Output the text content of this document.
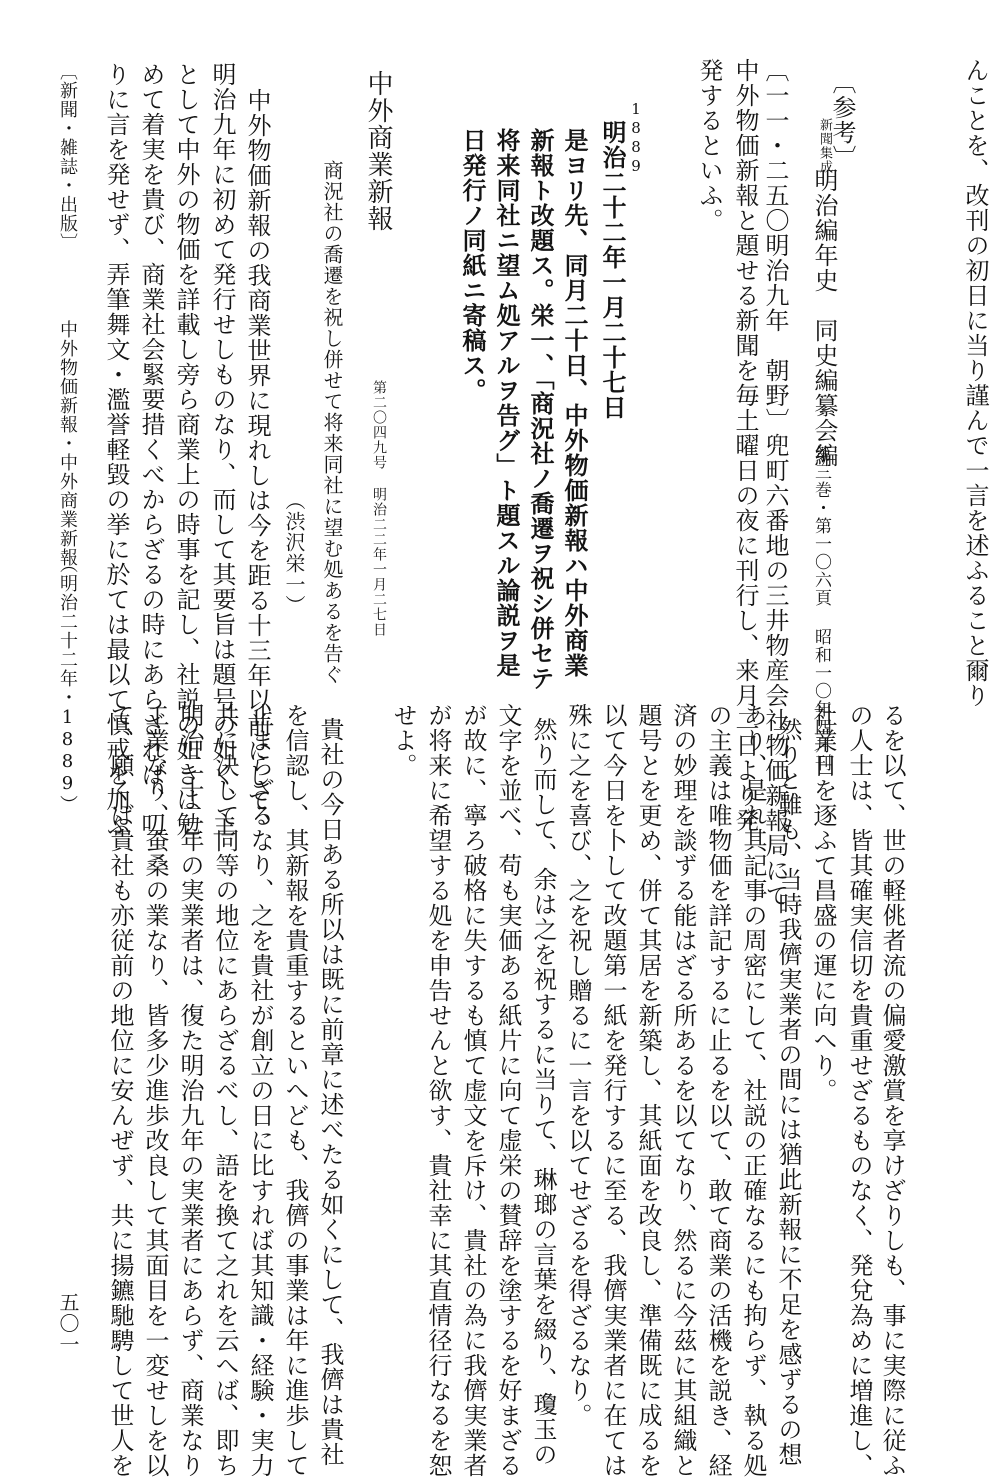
んことを、改刊の初日に当り謹んで一言を述ふること爾り
〔参考〕
新聞集成
明治編年史　同史編纂会編
第三巻・第一〇六頁 昭和一〇年四月刊
〔一一・二五〇明治九年　朝野〕兜町六番地の三井物産会社物価新報局にて
中外物価新報と題せる新聞を毎土曜日の夜に刊行し、来月二日より発
発するといふ。
1889
明治二十二年一月二十七日
是ヨリ先、同月二十日、中外物価新報ハ中外商業
新報ト改題ス。栄一、「商況社ノ喬遷ヲ祝シ併セテ
将来同社ニ望ム処アルヲ告グ」ト題スル論説ヲ是
日発行ノ同紙ニ寄稿ス。
中外商業新報
第二〇四九号 明治二二年一月二七日
商況社の喬遷を祝し併せて将来同社に望む処あるを告ぐ
（渋沢栄一）
中外物価新報の我商業世界に現れしは今を距る十三年以前にして、
明治九年に初めて発行せしものなり、而して其要旨は題号の如く、主
として中外の物価を詳載し旁ら商業上の時事を記し、社説の如きは勉
めて着実を貴び、商業社会緊要措くべからざるの時にあらざれば、叨
りに言を発せず、弄筆舞文・濫誉軽毀の挙に於ては最以て慎戒を加ふ
〔新聞・雑誌・出版〕
中外物価新報・中外商業新報
（明治二十二年・1889）
るを以て、世の軽佻者流の偏愛激賞を享けざりしも、事に実際に従ふ
の人士は、皆其確実信切を貴重せざるものなく、発兌為めに増進し、
社業日を逐ふて昌盛の運に向へり。
然りと雖も、当時我儕実業者の間には猶此新報に不足を感ずるの想
あり、是れ其記事の周密にして、社説の正確なるにも拘らず、執る処
の主義は唯物価を詳記するに止るを以て、敢て商業の活機を説き、経
済の妙理を談ずる能はざる所あるを以てなり、然るに今茲に其組織と
題号とを更め、併て其居を新築し、其紙面を改良し、準備既に成るを
以て今日を卜して改題第一紙を発行するに至る、我儕実業者に在ては
殊に之を喜び、之を祝し贈るに一言を以てせざるを得ざるなり。
然り而して、余は之を祝するに当りて、琳瑯の言葉を綴り、瓊玉の
文字を並べ、苟も実価ある紙片に向て虚栄の賛辞を塗するを好まざる
が故に、寧ろ破格に失するも慎て虚文を斥け、貴社の為に我儕実業者
が将来に希望する処を申告せんと欲す、貴社幸に其直情径行なるを恕
せよ。
貴社の今日ある所以は既に前章に述べたる如くにして、我儕は貴社
を信認し、其新報を貴重するといへども、我儕の事業は年に進歩して
止まらざるなり、之を貴社が創立の日に比すれば其知識・経験・実力
共に決して同等の地位にあらざるべし、語を換て之れを云へば、即ち
明治二十二年の実業者は、復た明治九年の実業者にあらず、商業なり
工業なり、蚕桑の業なり、皆多少進歩改良して其面目を一変せしを以
て、願くば貴社も亦従前の地位に安んぜず、共に揚鑣馳騁して世人を
五〇一
